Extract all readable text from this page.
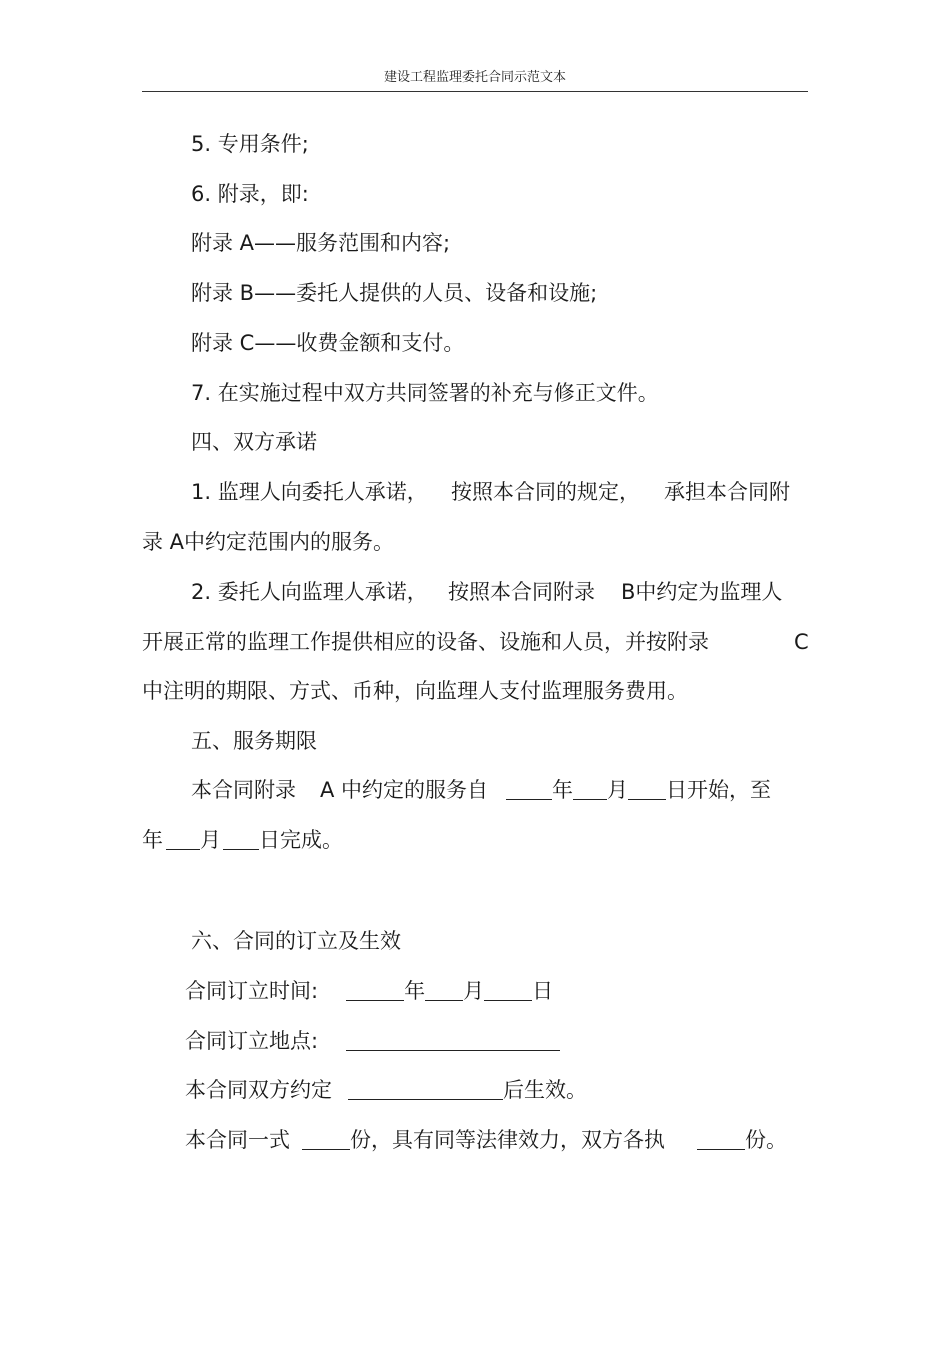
建设工程监理委托合同示范文本
5. 专用条件;
6. 附录，即:
附录 A——服务范围和内容;
附录 B——委托人提供的人员、设备和设施;
附录 C——收费金额和支付。
7. 在实施过程中双方共同签署的补充与修正文件。
四、双方承诺
1. 监理人向委托人承诺， 按照本合同的规定， 承担本合同附
录 A中约定范围内的服务。
2. 委托人向监理人承诺， 按照本合同附录 B中约定为监理人
开展正常的监理工作提供相应的设备、设施和人员，并按附录	C
中注明的期限、方式、币种，向监理人支付监理服务费用。
五、服务期限
本合同附录 A 中约定的服务自	年 月 日开始，至
年 月 日完成。
六、合同的订立及生效
合同订立时间:	年 月 日
合同订立地点:
本合同双方约定	后生效。
本合同一式	份，具有同等法律效力，双方各执	份。
